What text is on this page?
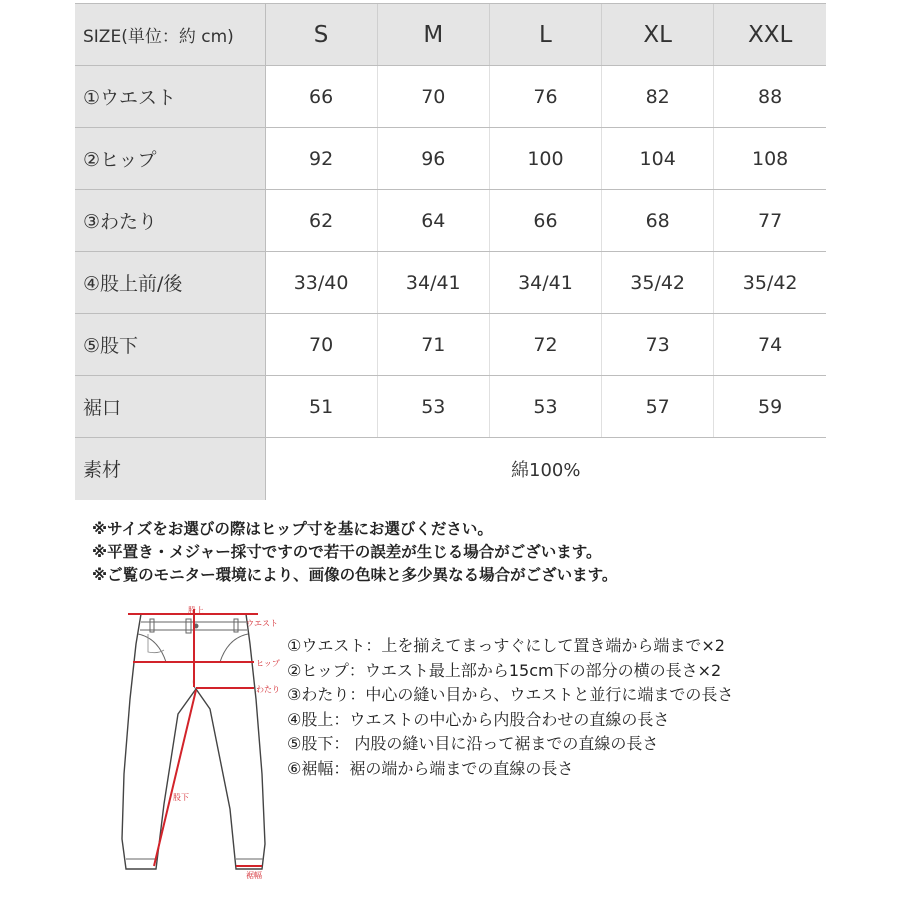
SIZE(単位：約 cm)	S	M	L	XL	XXL
①ウエスト	66	70	76	82	88
②ヒップ	92	96	100	104	108
③わたり	62	64	66	68	77
④股上前/後	33/40	34/41	34/41	35/42	35/42
⑤股下	70	71	72	73	74
裾口	51	53	53	57	59
素材	綿100%				

※サイズをお選びの際はヒップ寸を基にお選びください。

※平置き・メジャー採寸ですので若干の誤差が生じる場合がございます。

※ご覧のモニター環境により、画像の色味と多少異なる場合がございます。

股上
ウエスト
ヒップ
わたり
股下
裾幅

①ウエスト：上を揃えてまっすぐにして置き端から端まで×2

②ヒップ：ウエスト最上部から15cm下の部分の横の長さ×2

③わたり：中心の縫い目から、ウエストと並行に端までの長さ

④股上：ウエストの中心から内股合わせの直線の長さ

⑤股下： 内股の縫い目に沿って裾までの直線の長さ

⑥裾幅：裾の端から端までの直線の長さ
